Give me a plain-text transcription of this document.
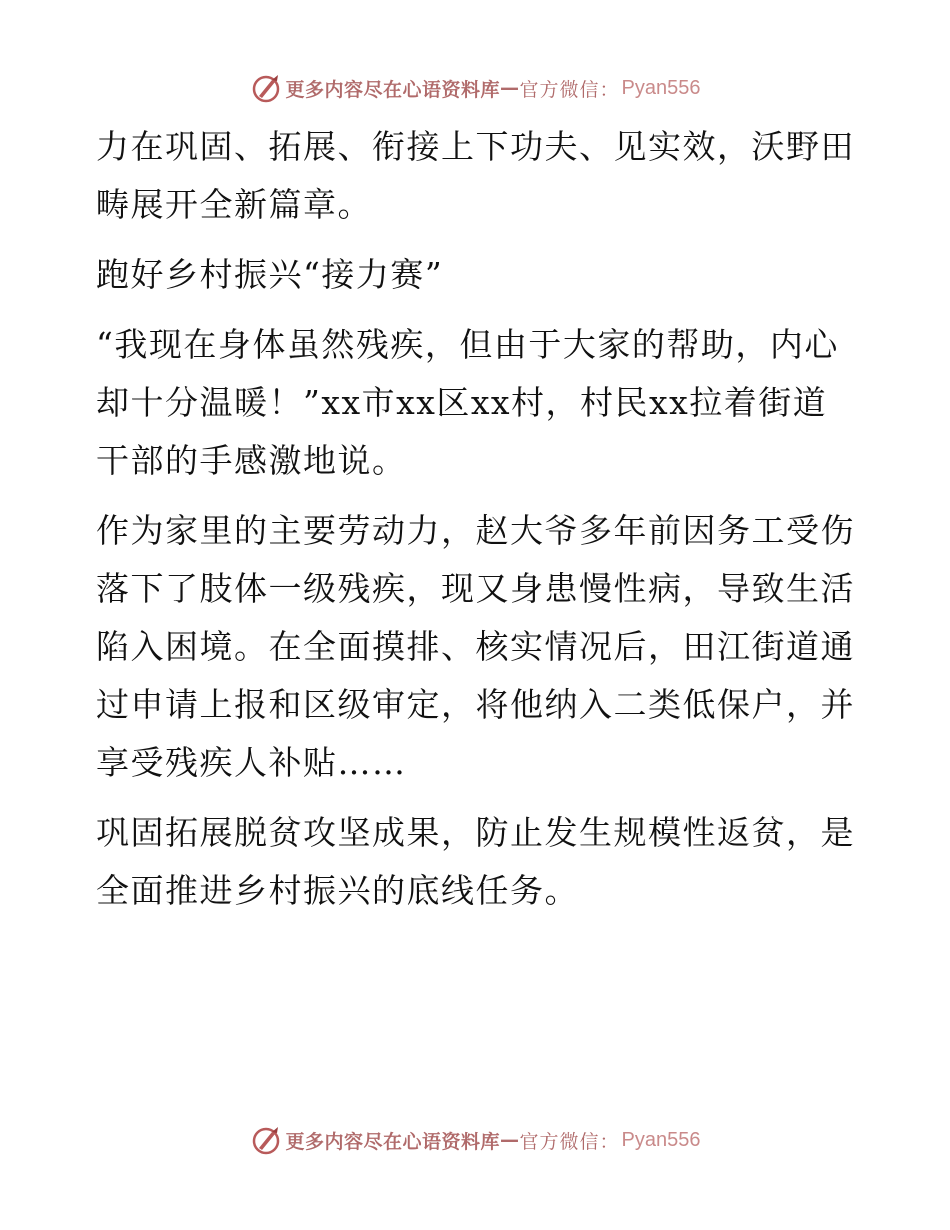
更多内容尽在心语资料库 — 官方微信： Pyan556

力在巩固、拓展、衔接上下功夫、见实效，沃野田畴展开全新篇章。

跑好乡村振兴“接力赛”

“我现在身体虽然残疾，但由于大家的帮助，内心却十分温暖！”xx市xx区xx村，村民xx拉着街道干部的手感激地说。

作为家里的主要劳动力，赵大爷多年前因务工受伤落下了肢体一级残疾，现又身患慢性病，导致生活陷入困境。在全面摸排、核实情况后，田江街道通过申请上报和区级审定，将他纳入二类低保户，并享受残疾人补贴……

巩固拓展脱贫攻坚成果，防止发生规模性返贫，是全面推进乡村振兴的底线任务。

更多内容尽在心语资料库 — 官方微信： Pyan556
